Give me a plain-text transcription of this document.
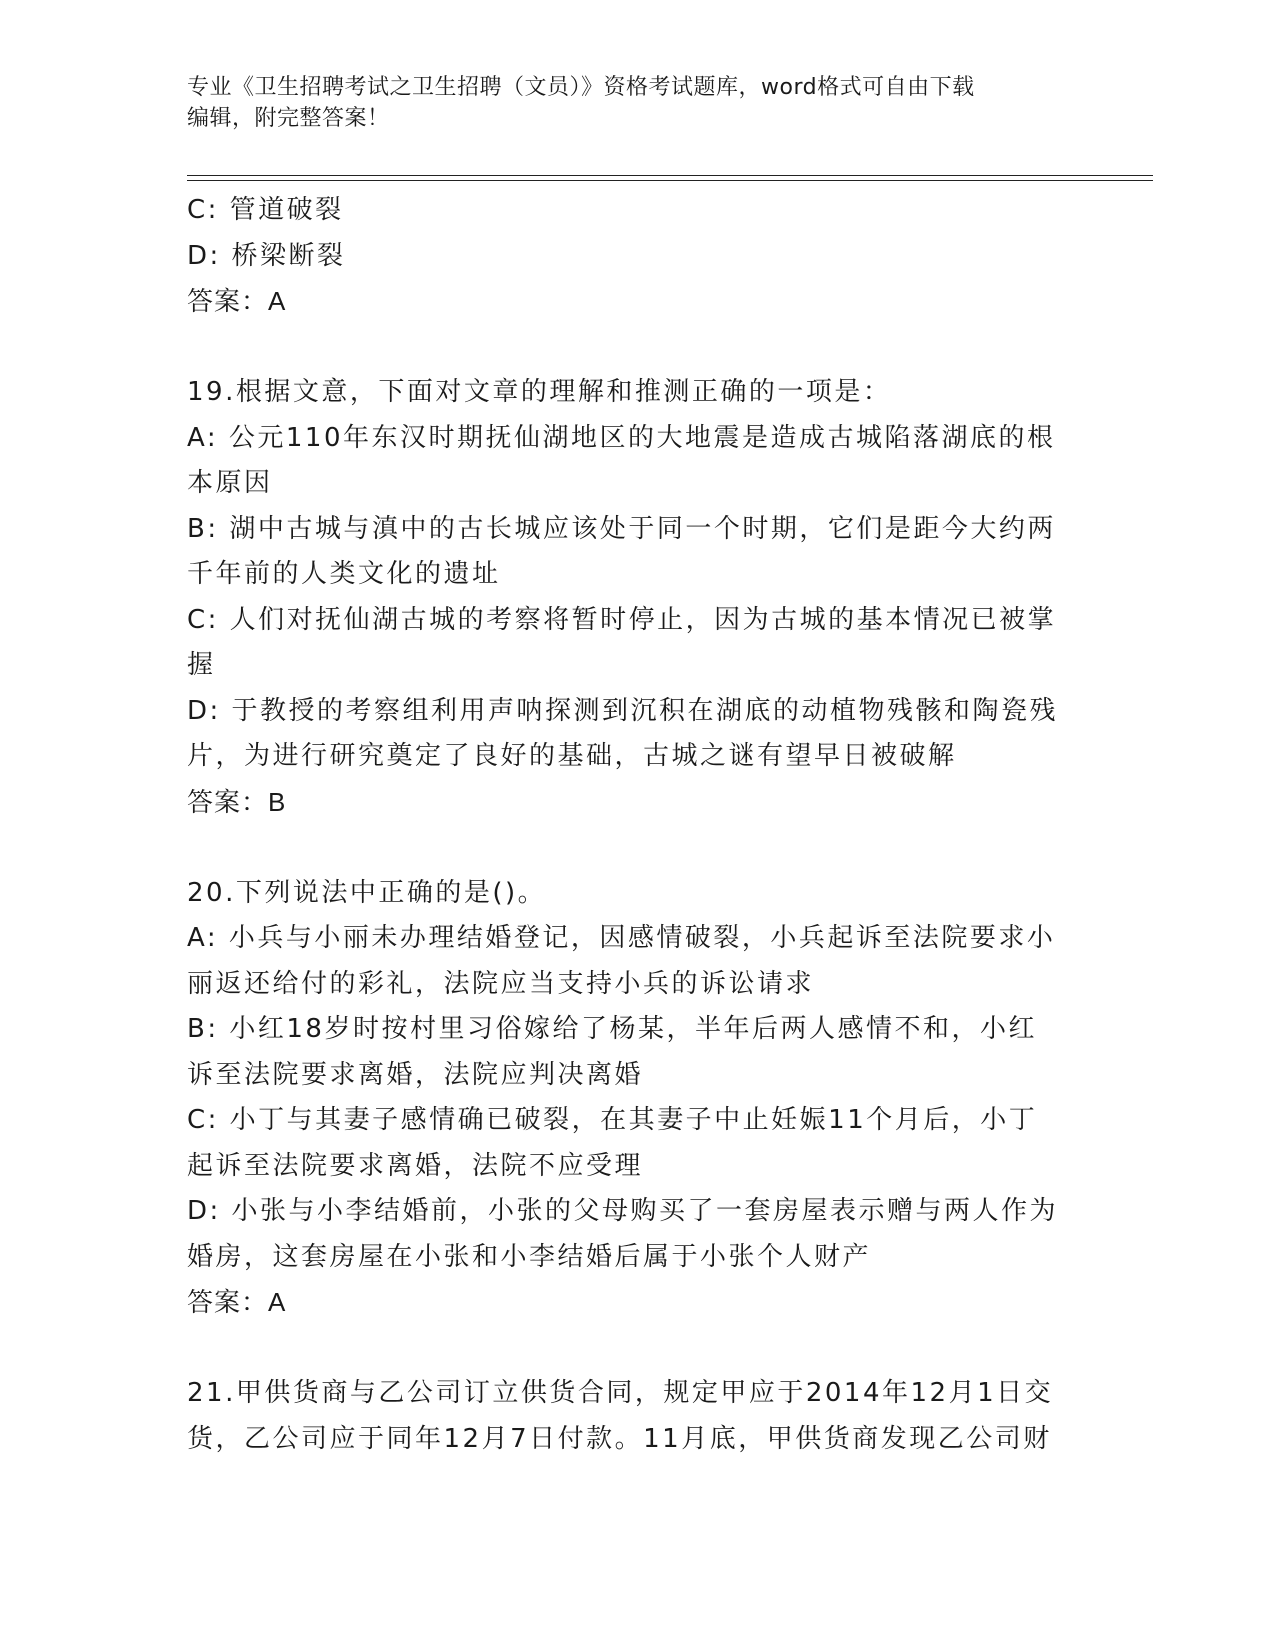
专业《卫生招聘考试之卫生招聘（文员）》资格考试题库，word格式可自由下载
编辑，附完整答案！
C: 管道破裂
D: 桥梁断裂
答案：A
19.根据文意，下面对文章的理解和推测正确的一项是：
A: 公元110年东汉时期抚仙湖地区的大地震是造成古城陷落湖底的根
本原因
B: 湖中古城与滇中的古长城应该处于同一个时期，它们是距今大约两
千年前的人类文化的遗址
C: 人们对抚仙湖古城的考察将暂时停止，因为古城的基本情况已被掌
握
D: 于教授的考察组利用声呐探测到沉积在湖底的动植物残骸和陶瓷残
片，为进行研究奠定了良好的基础，古城之谜有望早日被破解
答案：B
20.下列说法中正确的是()。
A: 小兵与小丽未办理结婚登记，因感情破裂，小兵起诉至法院要求小
丽返还给付的彩礼，法院应当支持小兵的诉讼请求
B: 小红18岁时按村里习俗嫁给了杨某，半年后两人感情不和，小红
诉至法院要求离婚，法院应判决离婚
C: 小丁与其妻子感情确已破裂，在其妻子中止妊娠11个月后，小丁
起诉至法院要求离婚，法院不应受理
D: 小张与小李结婚前，小张的父母购买了一套房屋表示赠与两人作为
婚房，这套房屋在小张和小李结婚后属于小张个人财产
答案：A
21.甲供货商与乙公司订立供货合同，规定甲应于2014年12月1日交
货，乙公司应于同年12月7日付款。11月底，甲供货商发现乙公司财
